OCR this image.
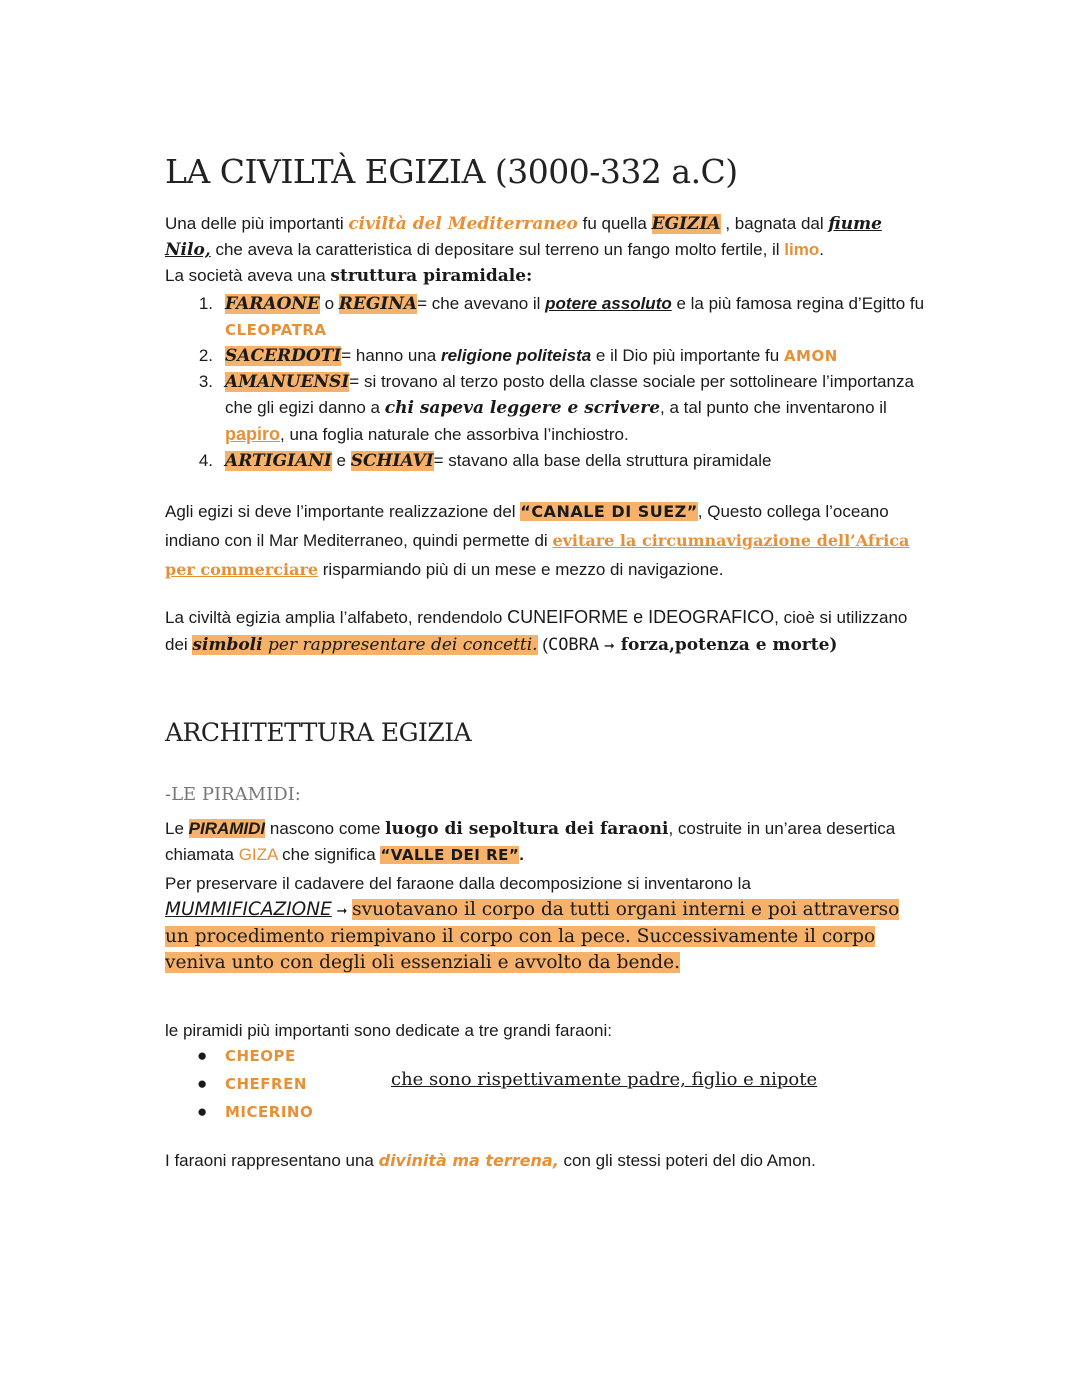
LA CIVILTÀ EGIZIA (3000-332 a.C)

Una delle più importanti civiltà del Mediterraneo fu quella EGIZIA , bagnata dal fiume Nilo, che aveva la caratteristica di depositare sul terreno un fango molto fertile, il limo.
La società aveva una struttura piramidale:

1. FARAONE o REGINA= che avevano il potere assoluto e la più famosa regina d’Egitto fu CLEOPATRA
2. SACERDOTI= hanno una religione politeista e il Dio più importante fu AMON
3. AMANUENSI= si trovano al terzo posto della classe sociale per sottolineare l’importanza che gli egizi danno a chi sapeva leggere e scrivere, a tal punto che inventarono il papiro, una foglia naturale che assorbiva l’inchiostro.
4. ARTIGIANI e SCHIAVI= stavano alla base della struttura piramidale

Agli egizi si deve l’importante realizzazione del “CANALE DI SUEZ”, Questo collega l’oceano indiano con il Mar Mediterraneo, quindi permette di evitare la circumnavigazione dell’Africa per commerciare risparmiando più di un mese e mezzo di navigazione.

La civiltà egizia amplia l’alfabeto, rendendolo CUNEIFORME e IDEOGRAFICO, cioè si utilizzano dei simboli per rappresentare dei concetti. (COBRA ➞ forza,potenza e morte)

ARCHITETTURA EGIZIA
-LE PIRAMIDI:

Le PIRAMIDI nascono come luogo di sepoltura dei faraoni, costruite in un’area desertica chiamata GIZA che significa “VALLE DEI RE”.

Per preservare il cadavere del faraone dalla decomposizione si inventarono la
MUMMIFICAZIONE ➞ svuotavano il corpo da tutti organi interni e poi attraverso un procedimento riempivano il corpo con la pece. Successivamente il corpo veniva unto con degli oli essenziali e avvolto da bende.

le piramidi più importanti sono dedicate a tre grandi faraoni:

● CHEOPE
● CHEFREN
● MICERINO
che sono rispettivamente padre, figlio e nipote

I faraoni rappresentano una divinità ma terrena, con gli stessi poteri del dio Amon.
